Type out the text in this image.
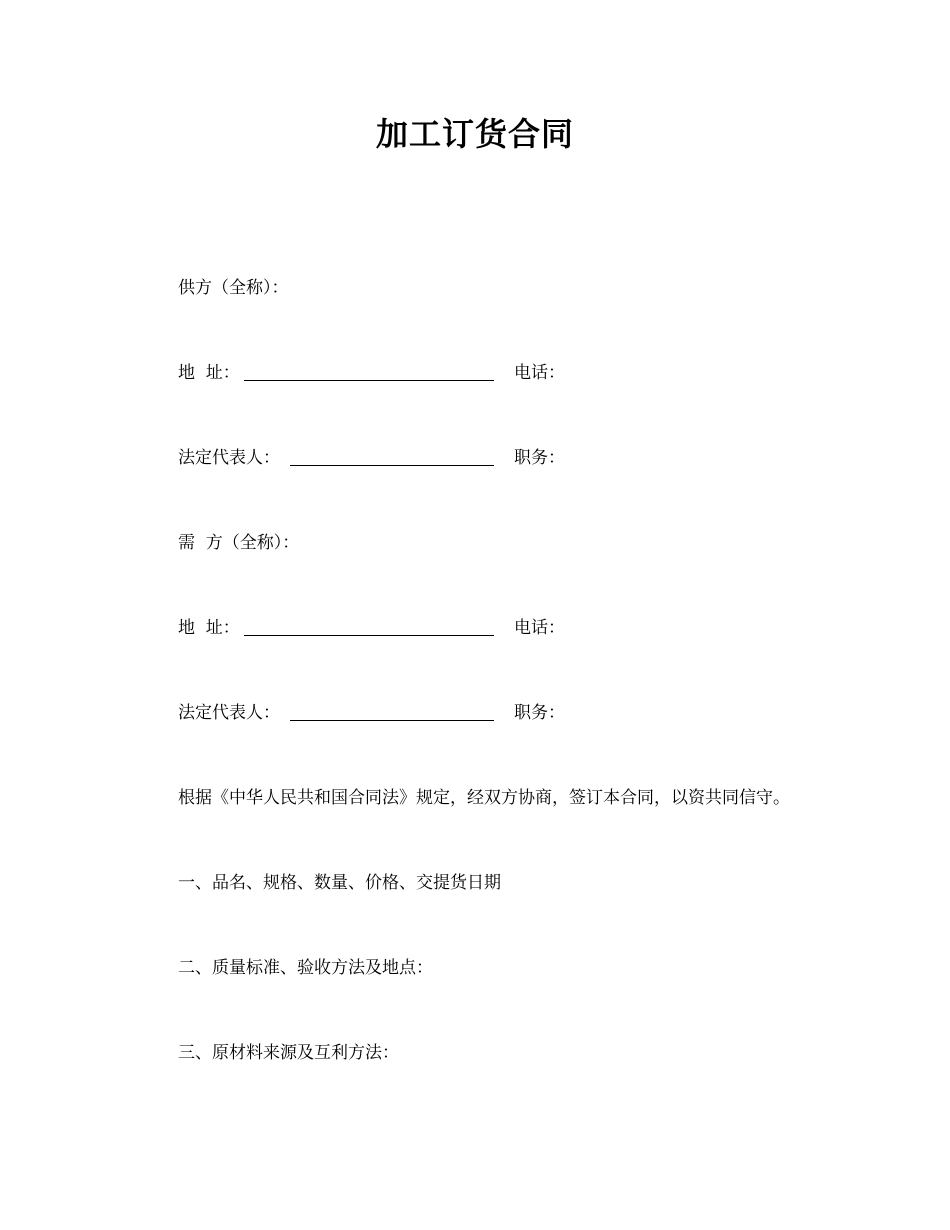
加工订货合同
供方（全称）：
地  址：	电话：
法定代表人：	职务：
需  方（全称）：
地  址：	电话：
法定代表人：	职务：
根据《中华人民共和国合同法》规定，经双方协商，签订本合同，以资共同信守。
一、品名、规格、数量、价格、交提货日期
二、质量标准、验收方法及地点：
三、原材料来源及互利方法：
